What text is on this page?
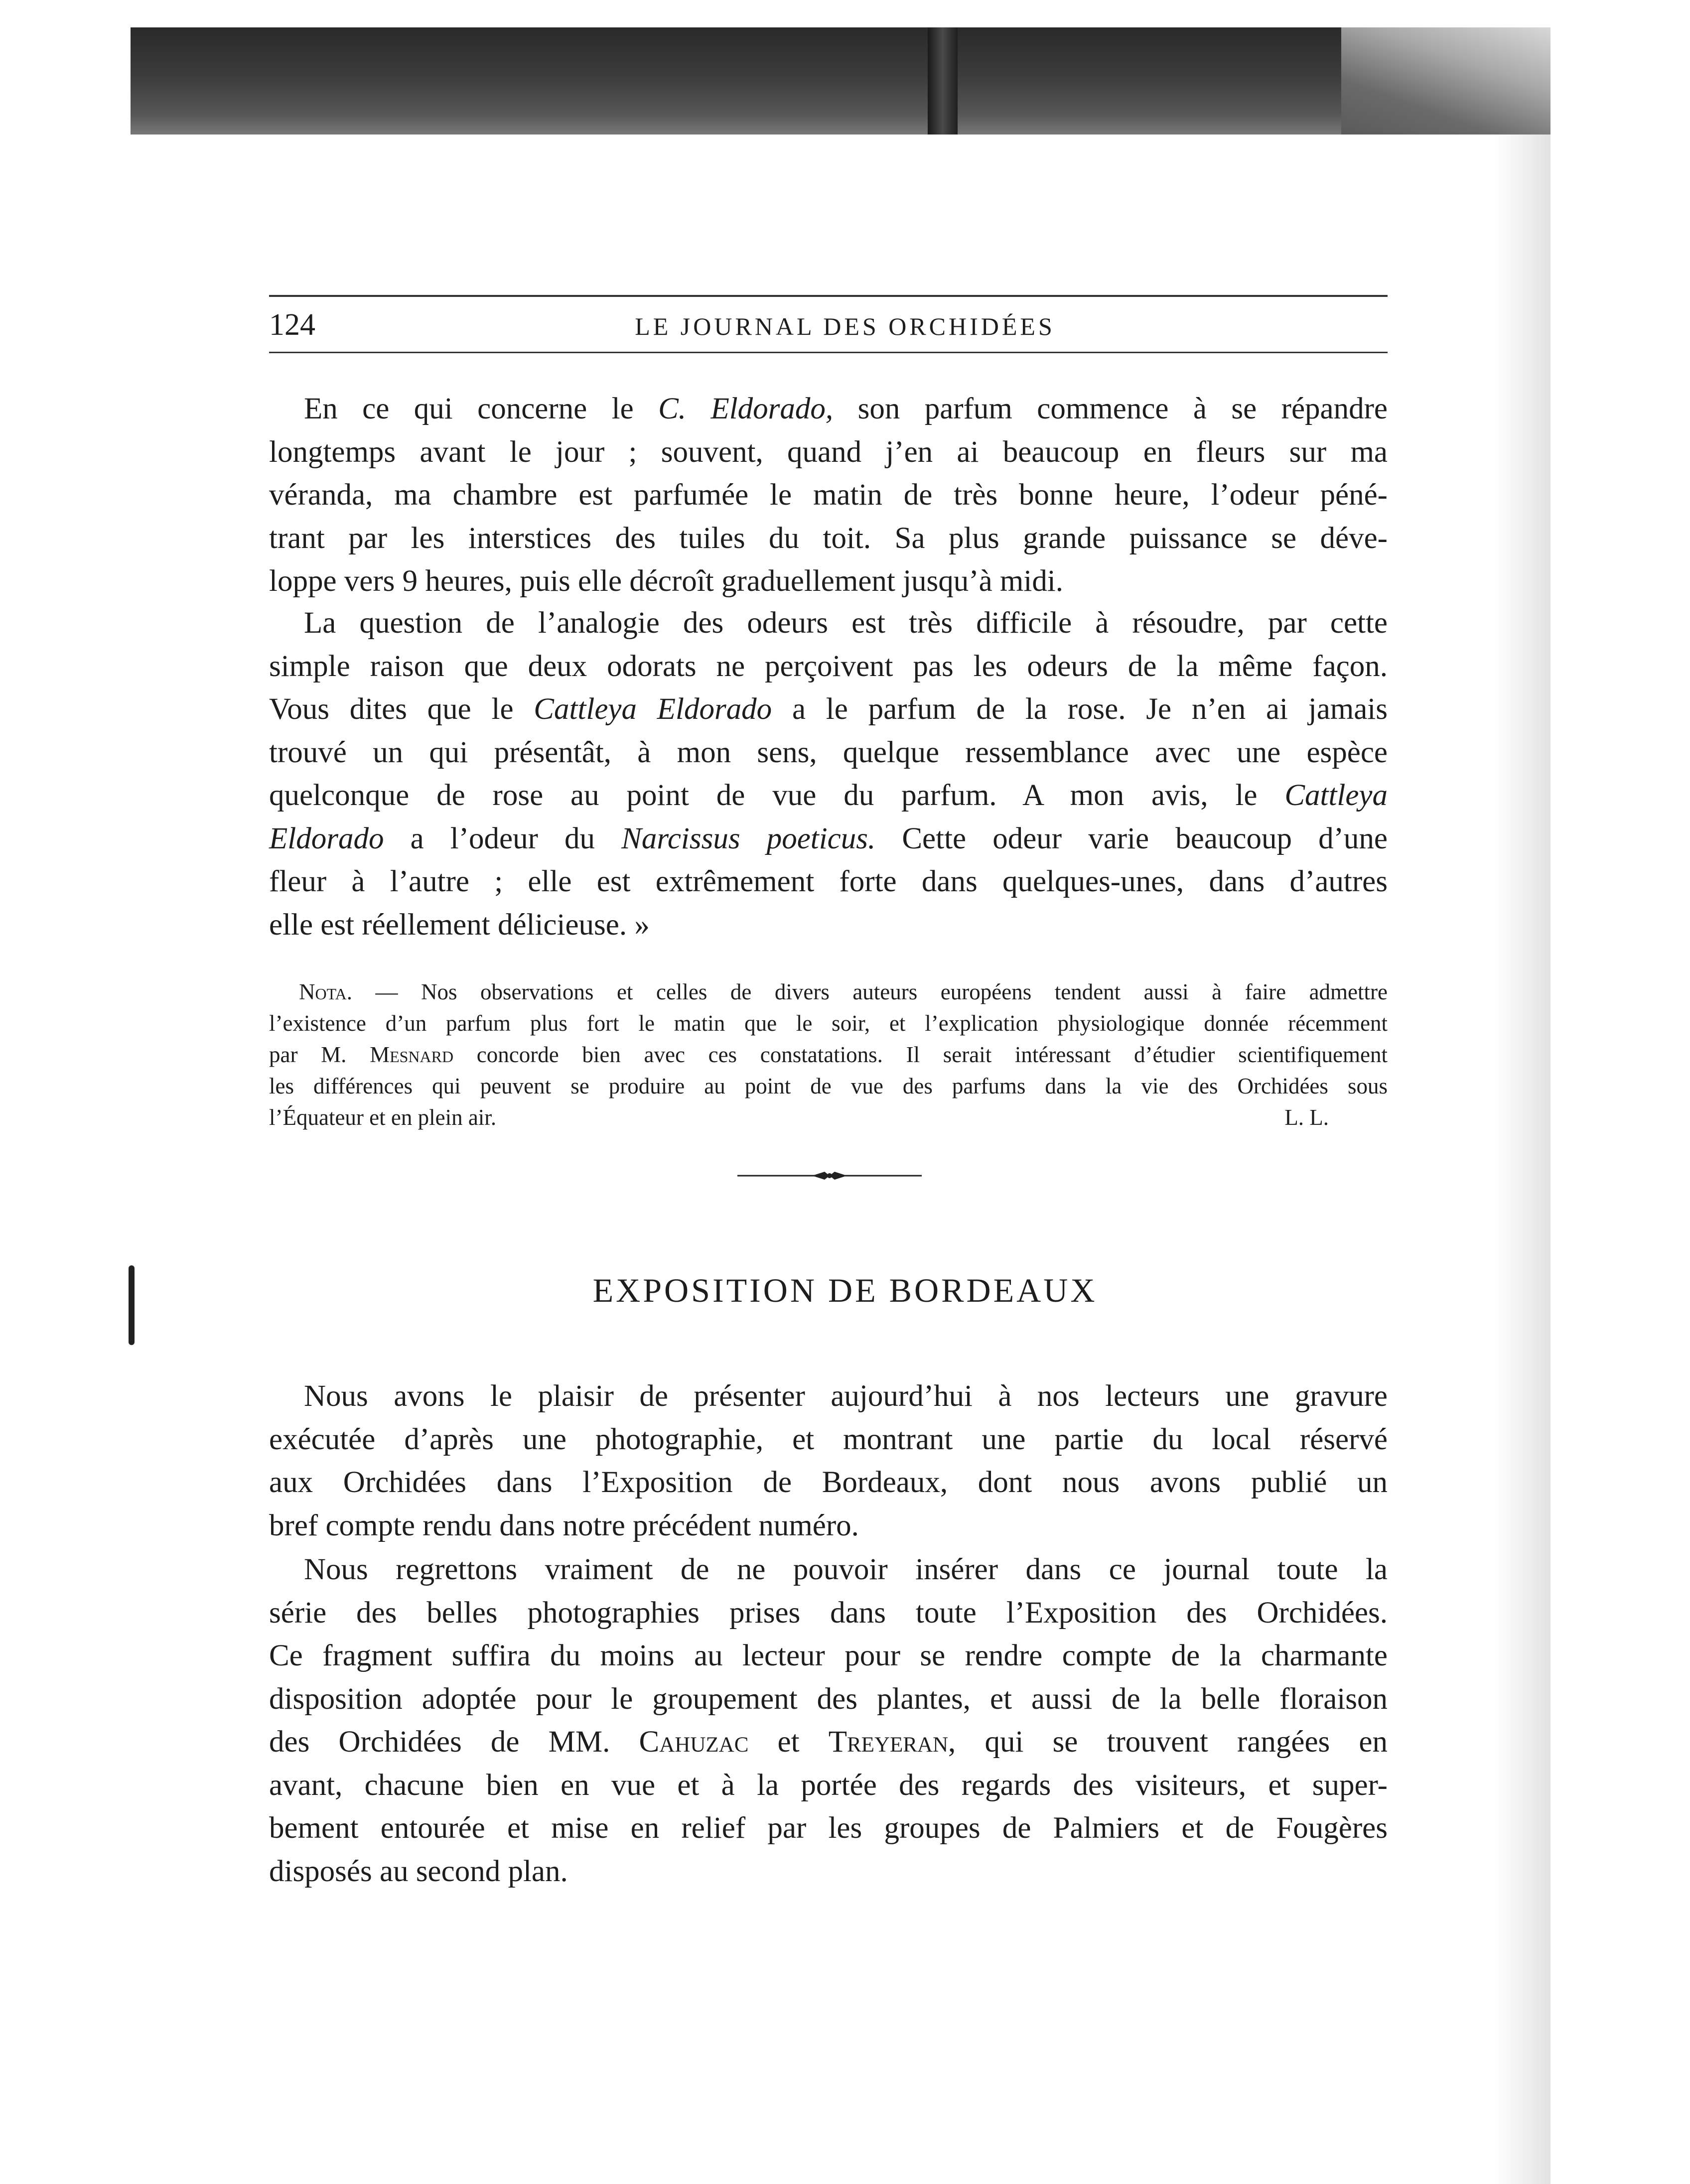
124	LE JOURNAL DES ORCHIDÉES
En ce qui concerne le C. Eldorado, son parfum commence à se répandre
longtemps avant le jour ; souvent, quand j’en ai beaucoup en fleurs sur ma
véranda, ma chambre est parfumée le matin de très bonne heure, l’odeur péné-
trant par les interstices des tuiles du toit. Sa plus grande puissance se déve-
loppe vers 9 heures, puis elle décroît graduellement jusqu’à midi.
La question de l’analogie des odeurs est très difficile à résoudre, par cette
simple raison que deux odorats ne perçoivent pas les odeurs de la même façon.
Vous dites que le Cattleya Eldorado a le parfum de la rose. Je n’en ai jamais
trouvé un qui présentât, à mon sens, quelque ressemblance avec une espèce
quelconque de rose au point de vue du parfum. A mon avis, le Cattleya
Eldorado a l’odeur du Narcissus poeticus. Cette odeur varie beaucoup d’une
fleur à l’autre ; elle est extrêmement forte dans quelques-unes, dans d’autres
elle est réellement délicieuse. »
Nota. — Nos observations et celles de divers auteurs européens tendent aussi à faire admettre
l’existence d’un parfum plus fort le matin que le soir, et l’explication physiologique donnée récemment
par M. Mesnard concorde bien avec ces constatations. Il serait intéressant d’étudier scientifiquement
les différences qui peuvent se produire au point de vue des parfums dans la vie des Orchidées sous
l’Équateur et en plein air.	L. L.
EXPOSITION DE BORDEAUX
Nous avons le plaisir de présenter aujourd’hui à nos lecteurs une gravure
exécutée d’après une photographie, et montrant une partie du local réservé
aux Orchidées dans l’Exposition de Bordeaux, dont nous avons publié un
bref compte rendu dans notre précédent numéro.
Nous regrettons vraiment de ne pouvoir insérer dans ce journal toute la
série des belles photographies prises dans toute l’Exposition des Orchidées.
Ce fragment suffira du moins au lecteur pour se rendre compte de la charmante
disposition adoptée pour le groupement des plantes, et aussi de la belle floraison
des Orchidées de MM. Cahuzac et Treyeran, qui se trouvent rangées en
avant, chacune bien en vue et à la portée des regards des visiteurs, et super-
bement entourée et mise en relief par les groupes de Palmiers et de Fougères
disposés au second plan.
